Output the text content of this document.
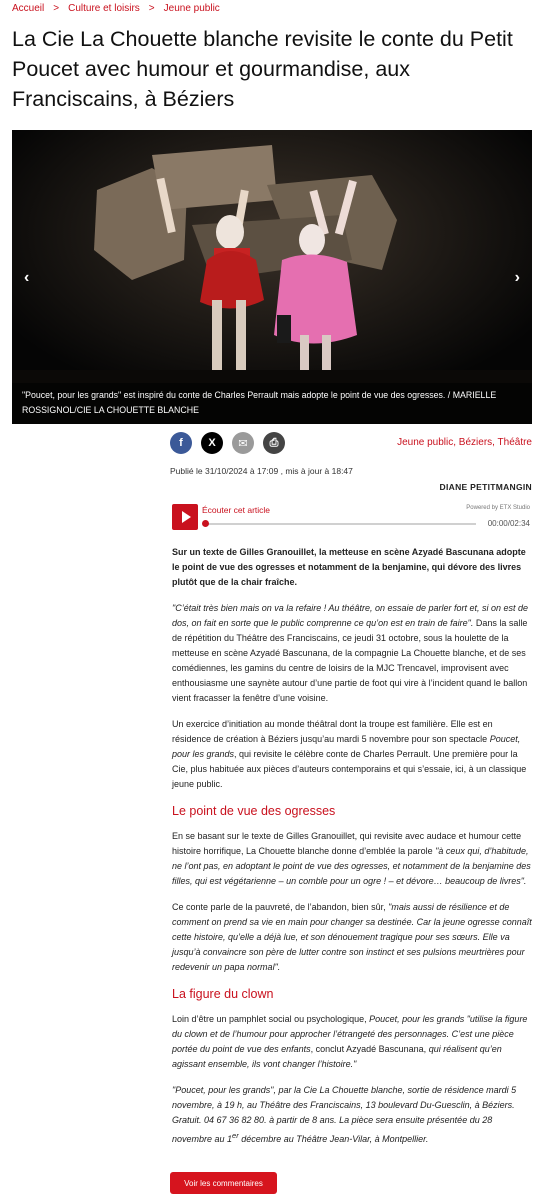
Accueil > Culture et loisirs > Jeune public
La Cie La Chouette blanche revisite le conte du Petit Poucet avec humour et gourmandise, aux Franciscains, à Béziers
‹	›
"Poucet, pour les grands" est inspiré du conte de Charles Perrault mais adopte le point de vue des ogresses. / MARIELLE ROSSIGNOL/CIE LA CHOUETTE BLANCHE
f	X	✉	⎙	Jeune public, Béziers, Théâtre
Publié le 31/10/2024 à 17:09 , mis à jour à 18:47
DIANE PETITMANGIN
Écouter cet article	Powered by ETX Studio
00:00/02:34

Sur un texte de Gilles Granouillet, la metteuse en scène Azyadé Bascunana adopte le point de vue des ogresses et notamment de la benjamine, qui dévore des livres plutôt que de la chair fraîche.

"C’était très bien mais on va la refaire ! Au théâtre, on essaie de parler fort et, si on est de dos, on fait en sorte que le public comprenne ce qu’on est en train de faire". Dans la salle de répétition du Théâtre des Franciscains, ce jeudi 31 octobre, sous la houlette de la metteuse en scène Azyadé Bascunana, de la compagnie La Chouette blanche, et de ses comédiennes, les gamins du centre de loisirs de la MJC Trencavel, improvisent avec enthousiasme une saynète autour d’une partie de foot qui vire à l’incident quand le ballon vient fracasser la fenêtre d’une voisine.

Un exercice d’initiation au monde théâtral dont la troupe est familière. Elle est en résidence de création à Béziers jusqu’au mardi 5 novembre pour son spectacle Poucet, pour les grands, qui revisite le célèbre conte de Charles Perrault. Une première pour la Cie, plus habituée aux pièces d’auteurs contemporains et qui s’essaie, ici, à un classique jeune public.

Le point de vue des ogresses

En se basant sur le texte de Gilles Granouillet, qui revisite avec audace et humour cette histoire horrifique, La Chouette blanche donne d’emblée la parole "à ceux qui, d’habitude, ne l’ont pas, en adoptant le point de vue des ogresses, et notamment de la benjamine des filles, qui est végétarienne – un comble pour un ogre ! – et dévore… beaucoup de livres".

Ce conte parle de la pauvreté, de l’abandon, bien sûr, "mais aussi de résilience et de comment on prend sa vie en main pour changer sa destinée. Car la jeune ogresse connaît cette histoire, qu’elle a déjà lue, et son dénouement tragique pour ses sœurs. Elle va jusqu’à convaincre son père de lutter contre son instinct et ses pulsions meurtrières pour redevenir un papa normal".

La figure du clown

Loin d’être un pamphlet social ou psychologique, Poucet, pour les grands "utilise la figure du clown et de l’humour pour approcher l’étrangeté des personnages. C’est une pièce portée du point de vue des enfants, conclut Azyadé Bascunana, qui réalisent qu’en agissant ensemble, ils vont changer l’histoire."

"Poucet, pour les grands", par la Cie La Chouette blanche, sortie de résidence mardi 5 novembre, à 19 h, au Théâtre des Franciscains, 13 boulevard Du-Guesclin, à Béziers. Gratuit. 04 67 36 82 80. à partir de 8 ans. La pièce sera ensuite présentée du 28 novembre au 1er décembre au Théâtre Jean-Vilar, à Montpellier.

Voir les commentaires
